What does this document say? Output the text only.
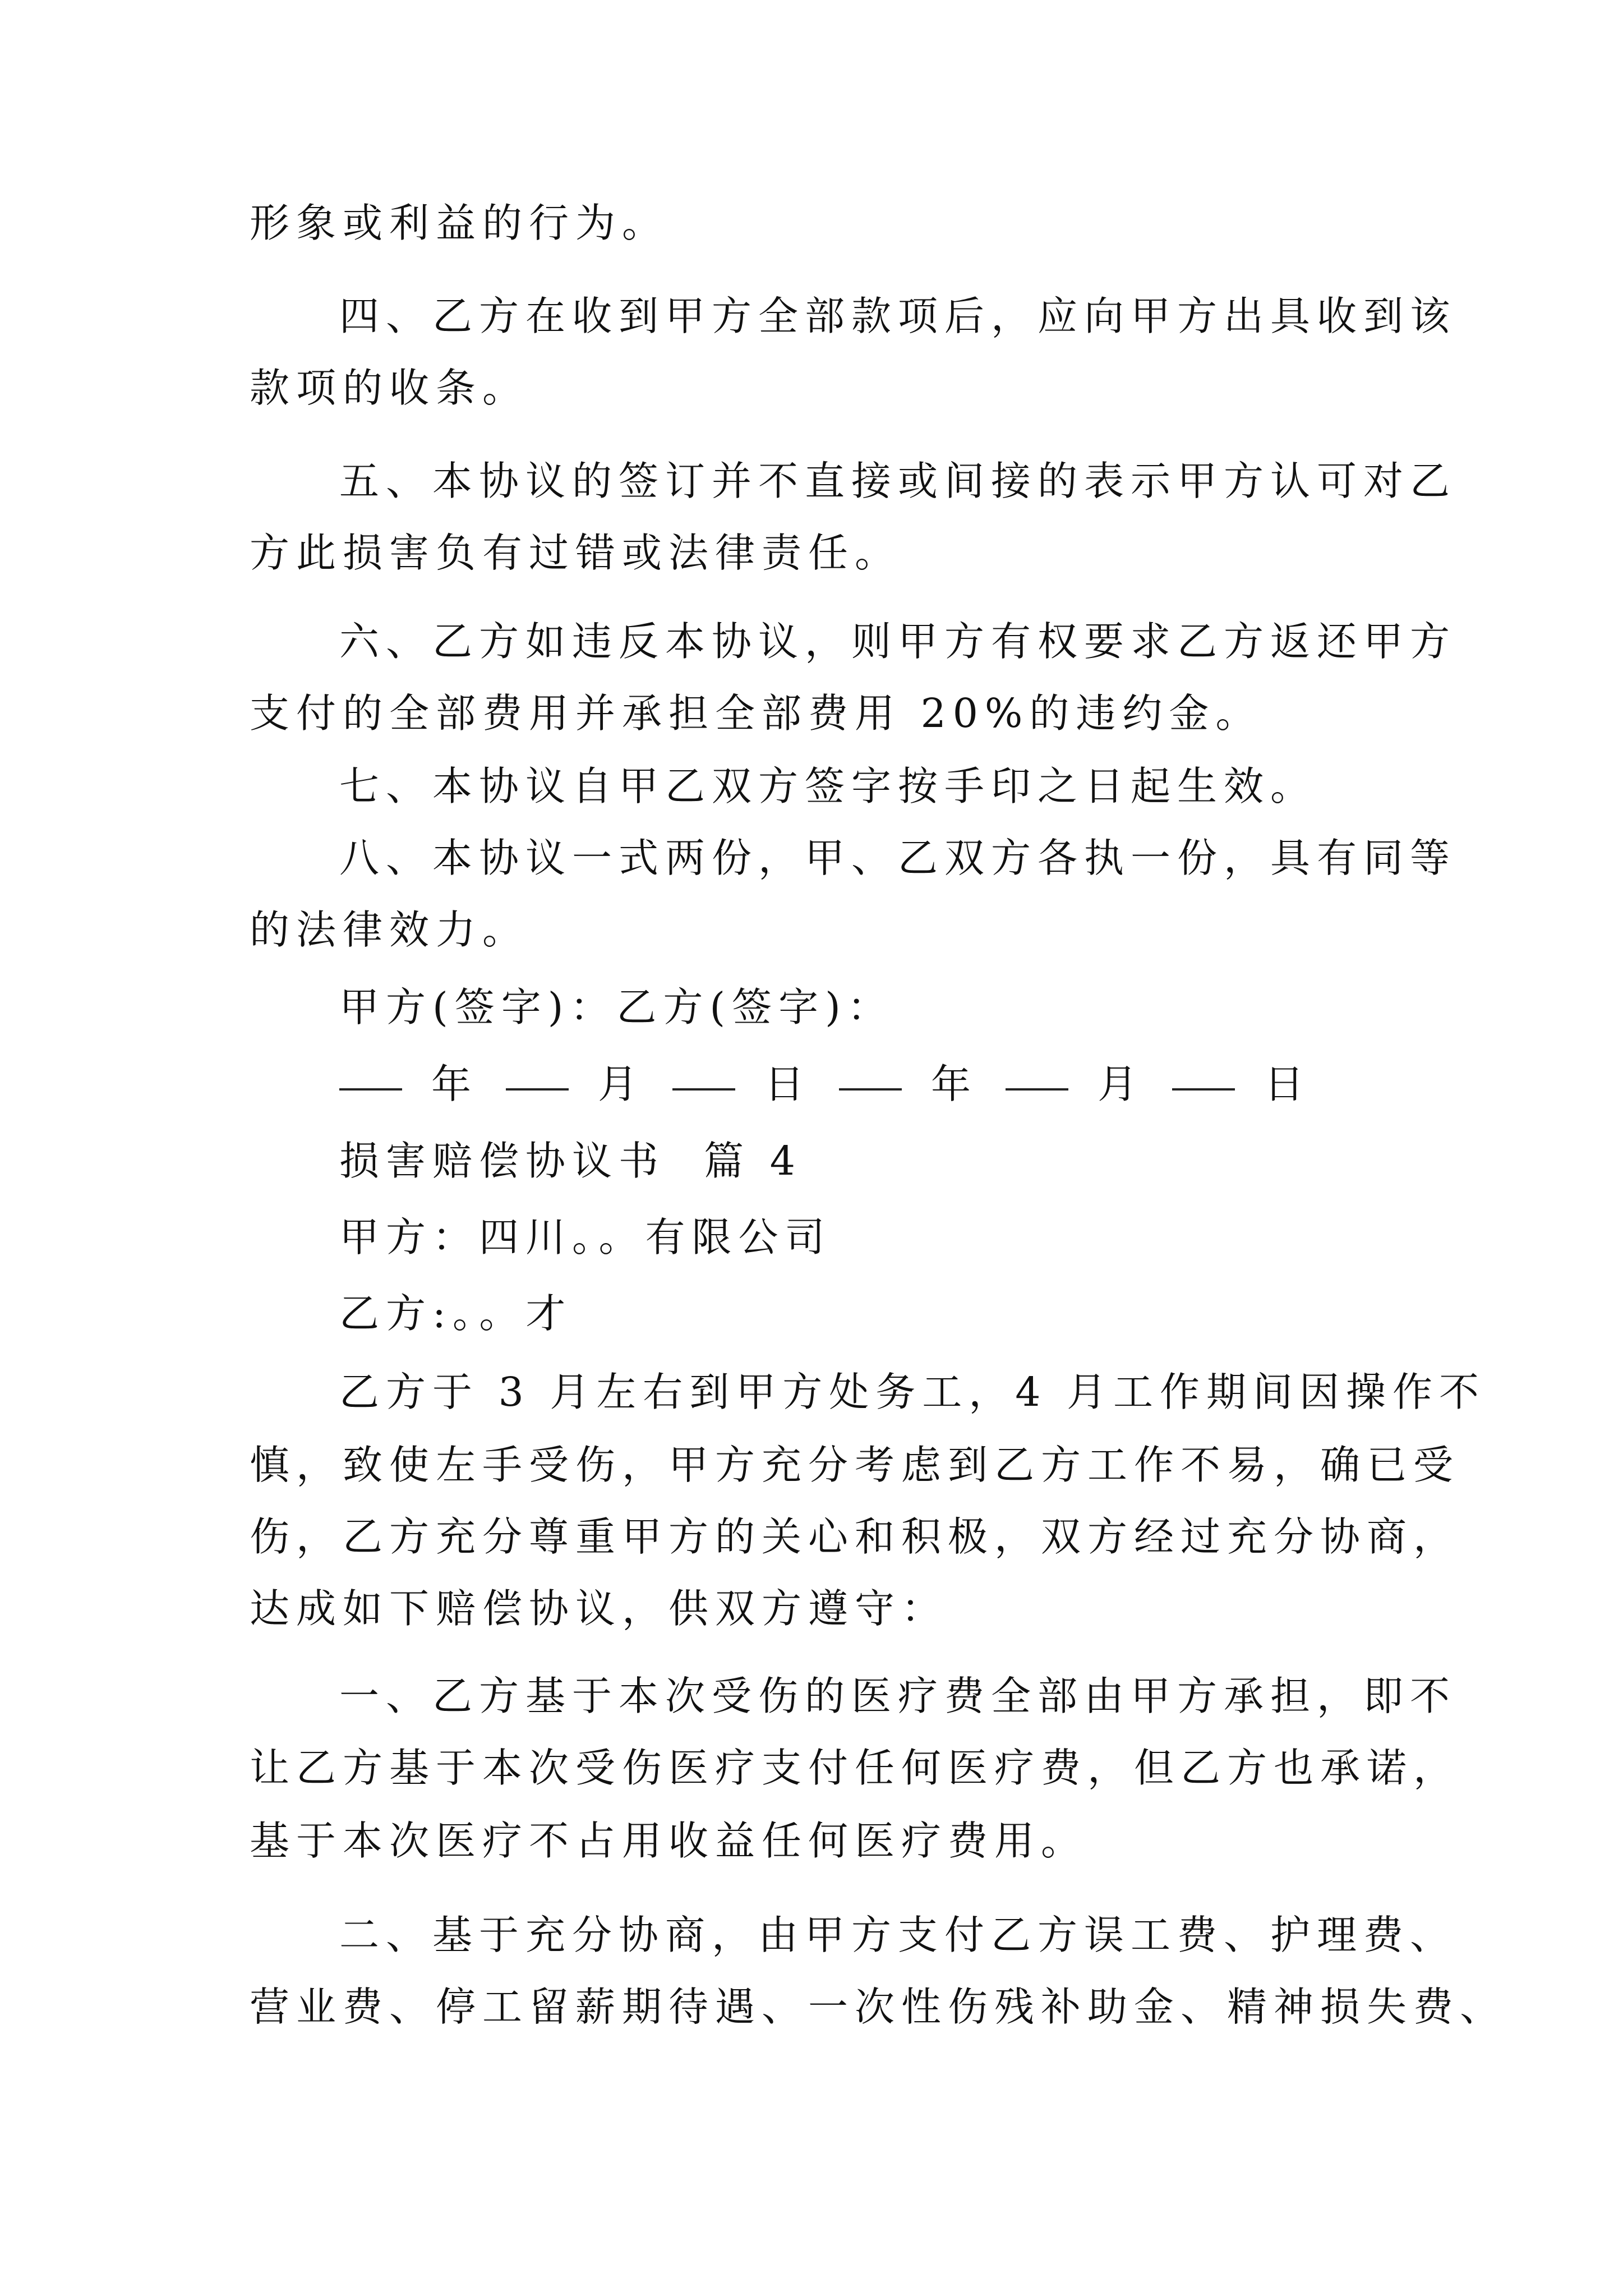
形象或利益的行为。
四、乙方在收到甲方全部款项后，应向甲方出具收到该
款项的收条。
五、本协议的签订并不直接或间接的表示甲方认可对乙
方此损害负有过错或法律责任。
六、乙方如违反本协议，则甲方有权要求乙方返还甲方
支付的全部费用并承担全部费用 20%的违约金。
七、本协议自甲乙双方签字按手印之日起生效。
八、本协议一式两份，甲、乙双方各执一份，具有同等
的法律效力。
甲方(签字)：乙方(签字)：
年	月	日	年	月	日
损害赔偿协议书  篇 4
甲方：四川。。有限公司
乙方:。。才
乙方于 3 月左右到甲方处务工，4 月工作期间因操作不
慎，致使左手受伤，甲方充分考虑到乙方工作不易，确已受
伤，乙方充分尊重甲方的关心和积极，双方经过充分协商，
达成如下赔偿协议，供双方遵守：
一、乙方基于本次受伤的医疗费全部由甲方承担，即不
让乙方基于本次受伤医疗支付任何医疗费，但乙方也承诺，
基于本次医疗不占用收益任何医疗费用。
二、基于充分协商，由甲方支付乙方误工费、护理费、
营业费、停工留薪期待遇、一次性伤残补助金、精神损失费、
